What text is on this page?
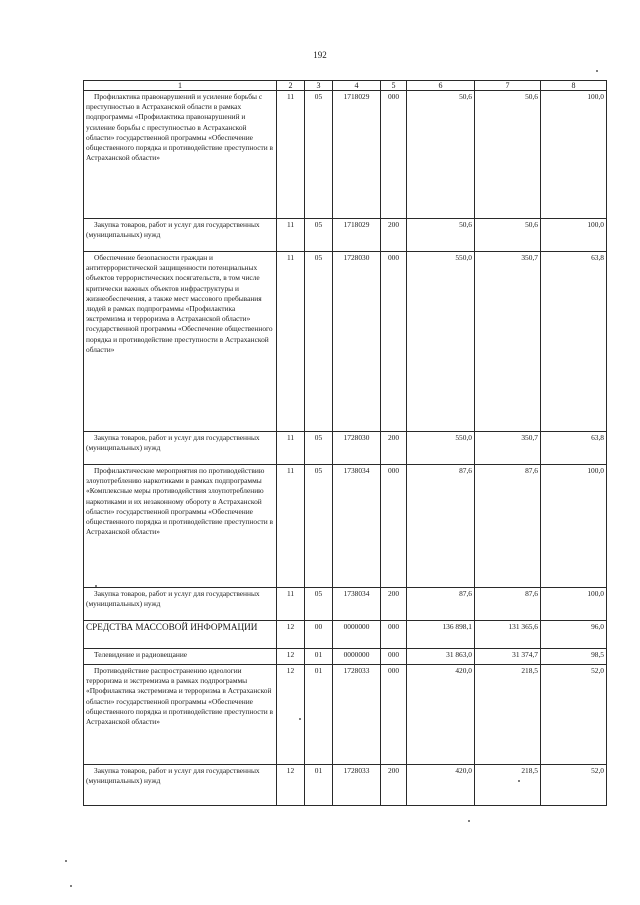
192
1	2	3	4	5	6	7	8

Профилактика правонарушений и усиление борьбы с преступностью в Астраханской области в рамках подпрограммы «Профилактика правонарушений и усиление борьбы с преступностью в Астраханской области» государственной программы «Обеспечение общественного порядка и противодействие преступности в Астраханской области»	11	05	1718029	000	50,6	50,6	100,0

Закупка товаров, работ и услуг для государственных (муниципальных) нужд	11	05	1718029	200	50,6	50,6	100,0

Обеспечение безопасности граждан и антитеррористической защищенности потенциальных объектов террористических посягательств, в том числе критически важных объектов инфраструктуры и жизнеобеспечения, а также мест массового пребывания людей в рамках подпрограммы «Профилактика экстремизма и терроризма в Астраханской области» государственной программы «Обеспечение общественного порядка и противодействие преступности в Астраханской области»	11	05	1728030	000	550,0	350,7	63,8

Закупка товаров, работ и услуг для государственных (муниципальных) нужд	11	05	1728030	200	550,0	350,7	63,8

Профилактические мероприятия по противодействию злоупотреблению наркотиками в рамках подпрограммы «Комплексные меры противодействия злоупотреблению наркотиками и их незаконному обороту в Астраханской области» государственной программы «Обеспечение общественного порядка и противодействие преступности в Астраханской области»	11	05	1738034	000	87,6	87,6	100,0

Закупка товаров, работ и услуг для государственных (муниципальных) нужд	11	05	1738034	200	87,6	87,6	100,0

СРЕДСТВА МАССОВОЙ ИНФОРМАЦИИ	12	00	0000000	000	136 898,1	131 365,6	96,0

Телевидение и радиовещание	12	01	0000000	000	31 863,0	31 374,7	98,5

Противодействие распространению идеологии терроризма и экстремизма в рамках подпрограммы «Профилактика экстремизма и терроризма в Астраханской области» государственной программы «Обеспечение общественного порядка и противодействие преступности в Астраханской области»	12	01	1728033	000	420,0	218,5	52,0

Закупка товаров, работ и услуг для государственных (муниципальных) нужд	12	01	1728033	200	420,0	218,5	52,0
